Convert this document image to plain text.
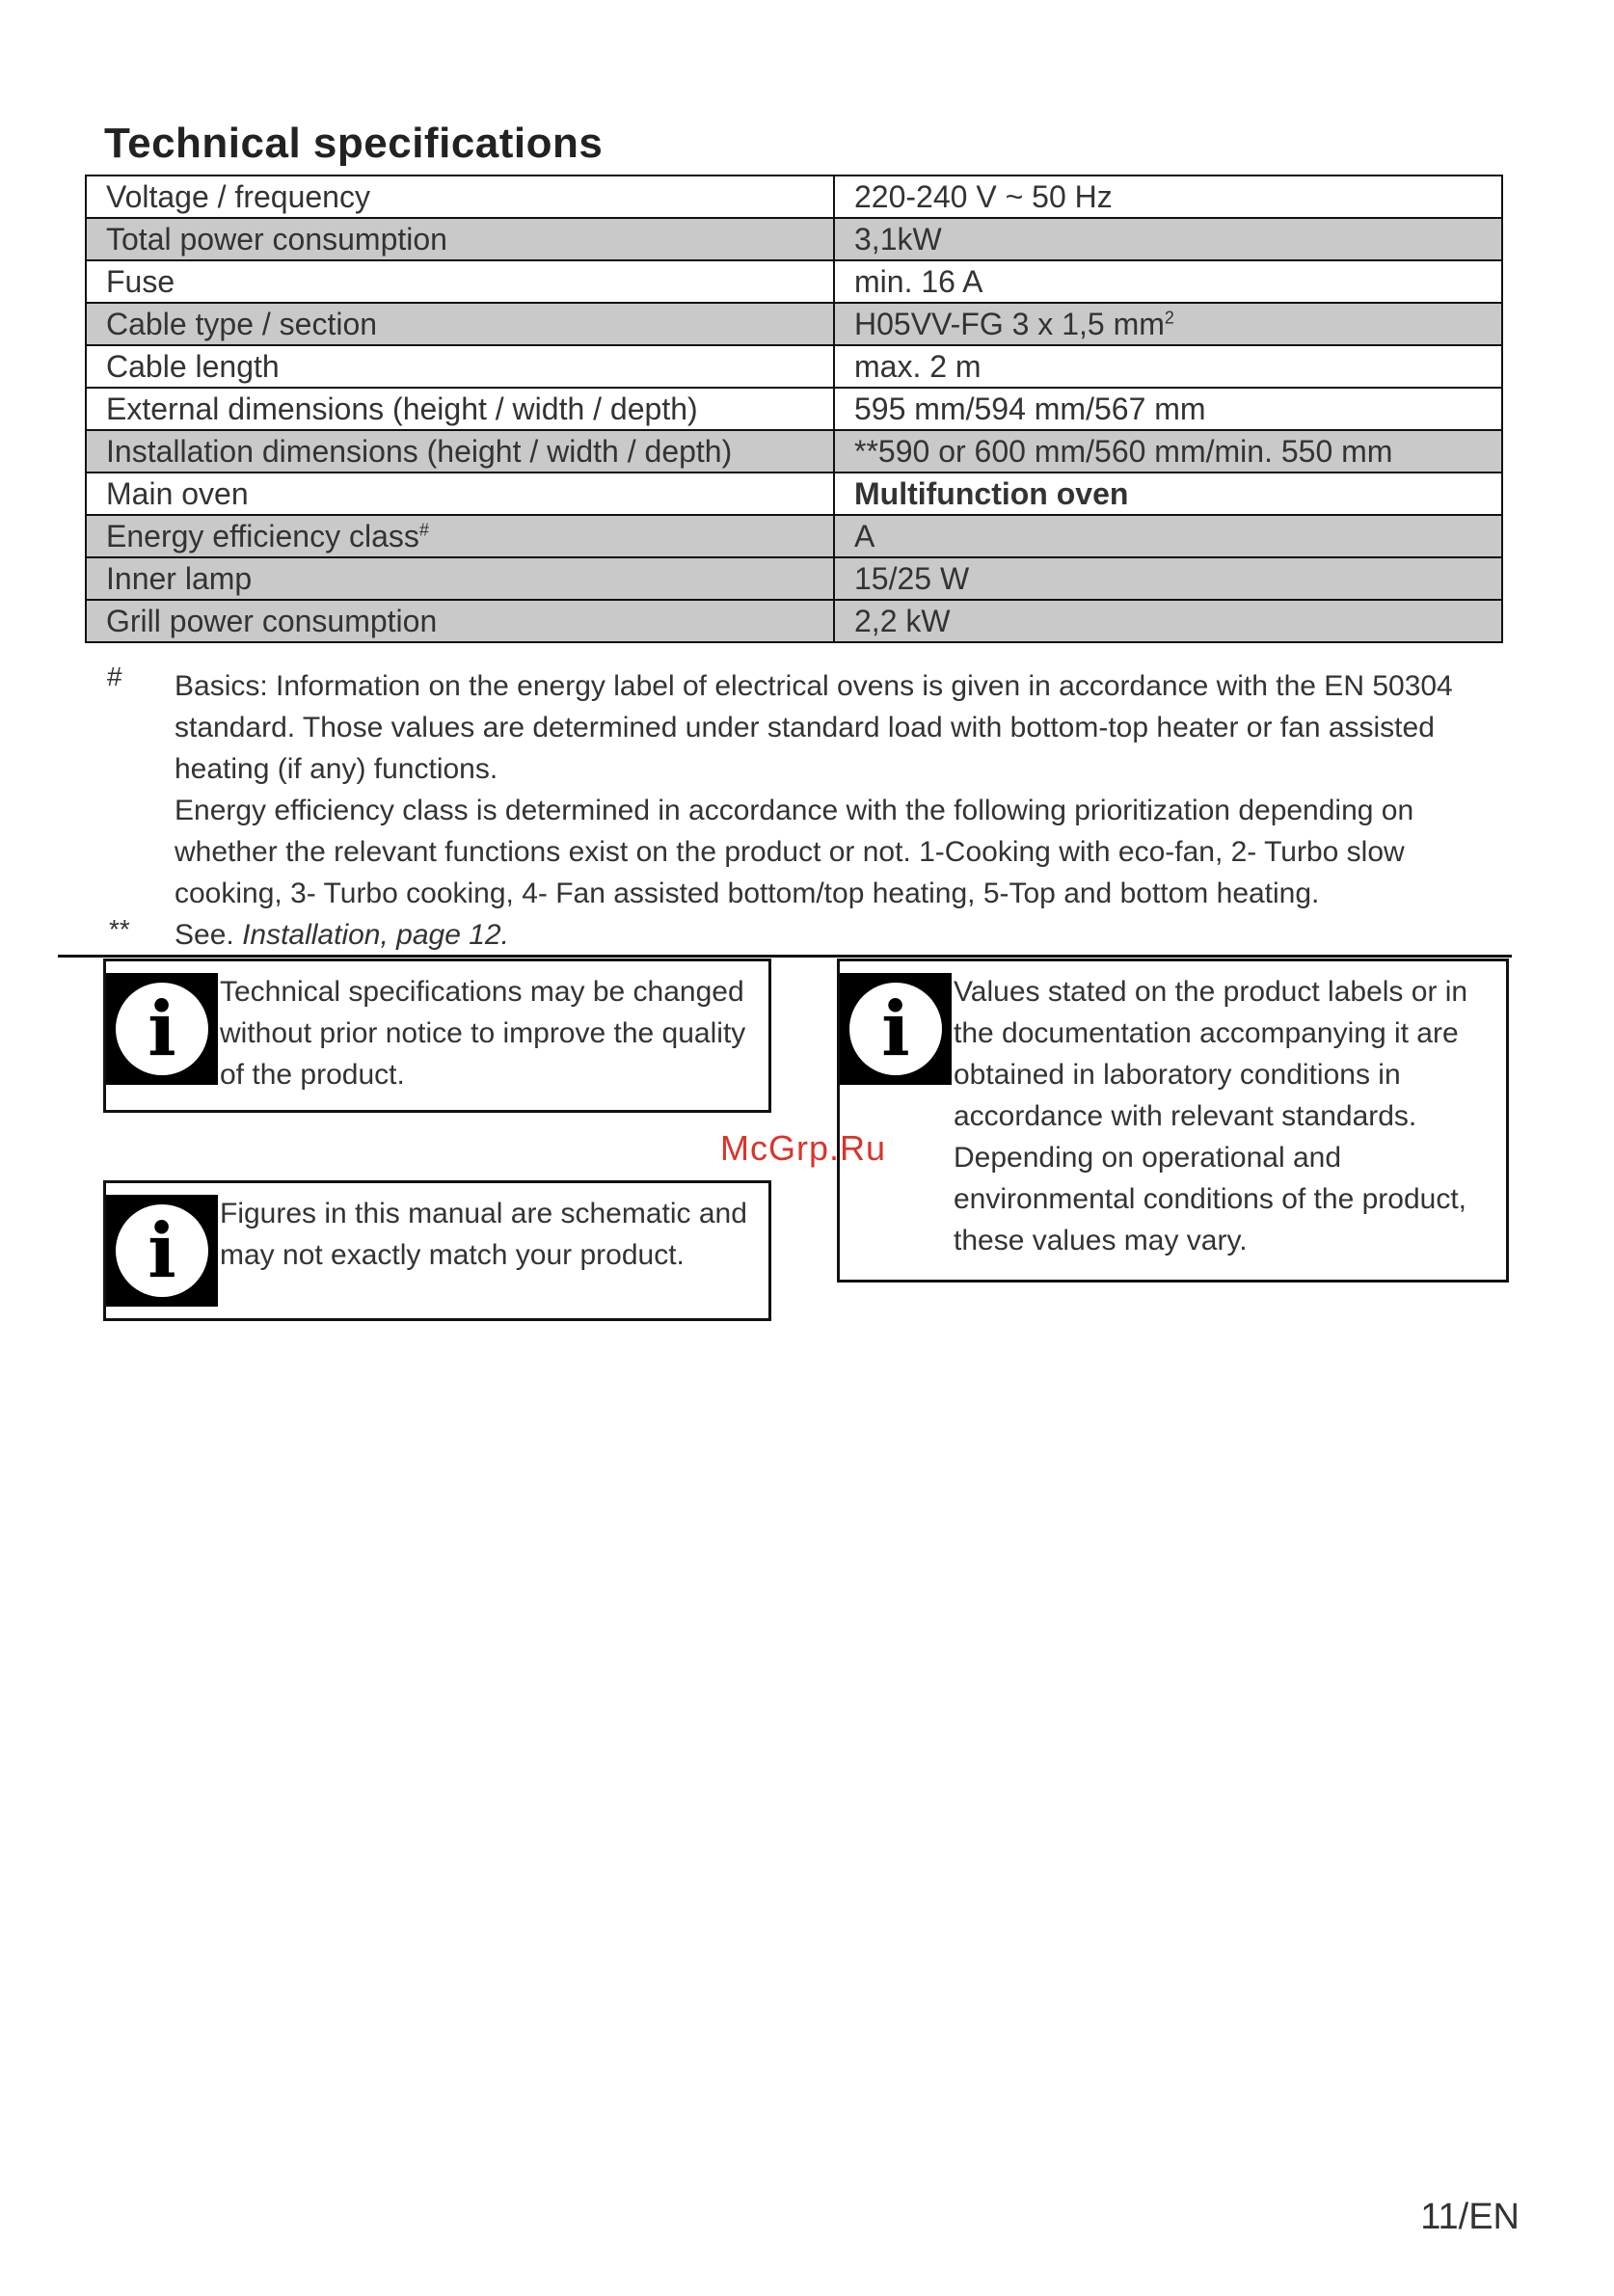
Technical specifications
Voltage / frequency	220-240 V ~ 50 Hz
Total power consumption	3,1kW
Fuse	min. 16 A
Cable type / section	H05VV-FG 3 x 1,5 $mm^2$
Cable length	max. 2 m
External dimensions (height / width / depth)	595 mm/594 mm/567 mm
Installation dimensions (height / width / depth)	**590 or 600 mm/560 mm/min. 550 mm
Main oven	Multifunction oven
Energy efficiency class#	A
Inner lamp	15/25 W
Grill power consumption	2,2 kW
# Basics: Information on the energy label of electrical ovens is given in accordance with the EN 50304 standard. Those values are determined under standard load with bottom-top heater or fan assisted heating (if any) functions.

Energy efficiency class is determined in accordance with the following prioritization depending on whether the relevant functions exist on the product or not. 1-Cooking with eco-fan, 2- Turbo slow cooking, 3- Turbo cooking, 4- Fan assisted bottom/top heating, 5-Top and bottom heating.

** See. Installation, page 12.

i	Technical specifications may be changed without prior notice to improve the quality of the product.

i	Figures in this manual are schematic and may not exactly match your product.

i	Values stated on the product labels or in the documentation accompanying it are obtained in laboratory conditions in accordance with relevant standards. Depending on operational and environmental conditions of the product, these values may vary.

McGrp.Ru
11/EN
